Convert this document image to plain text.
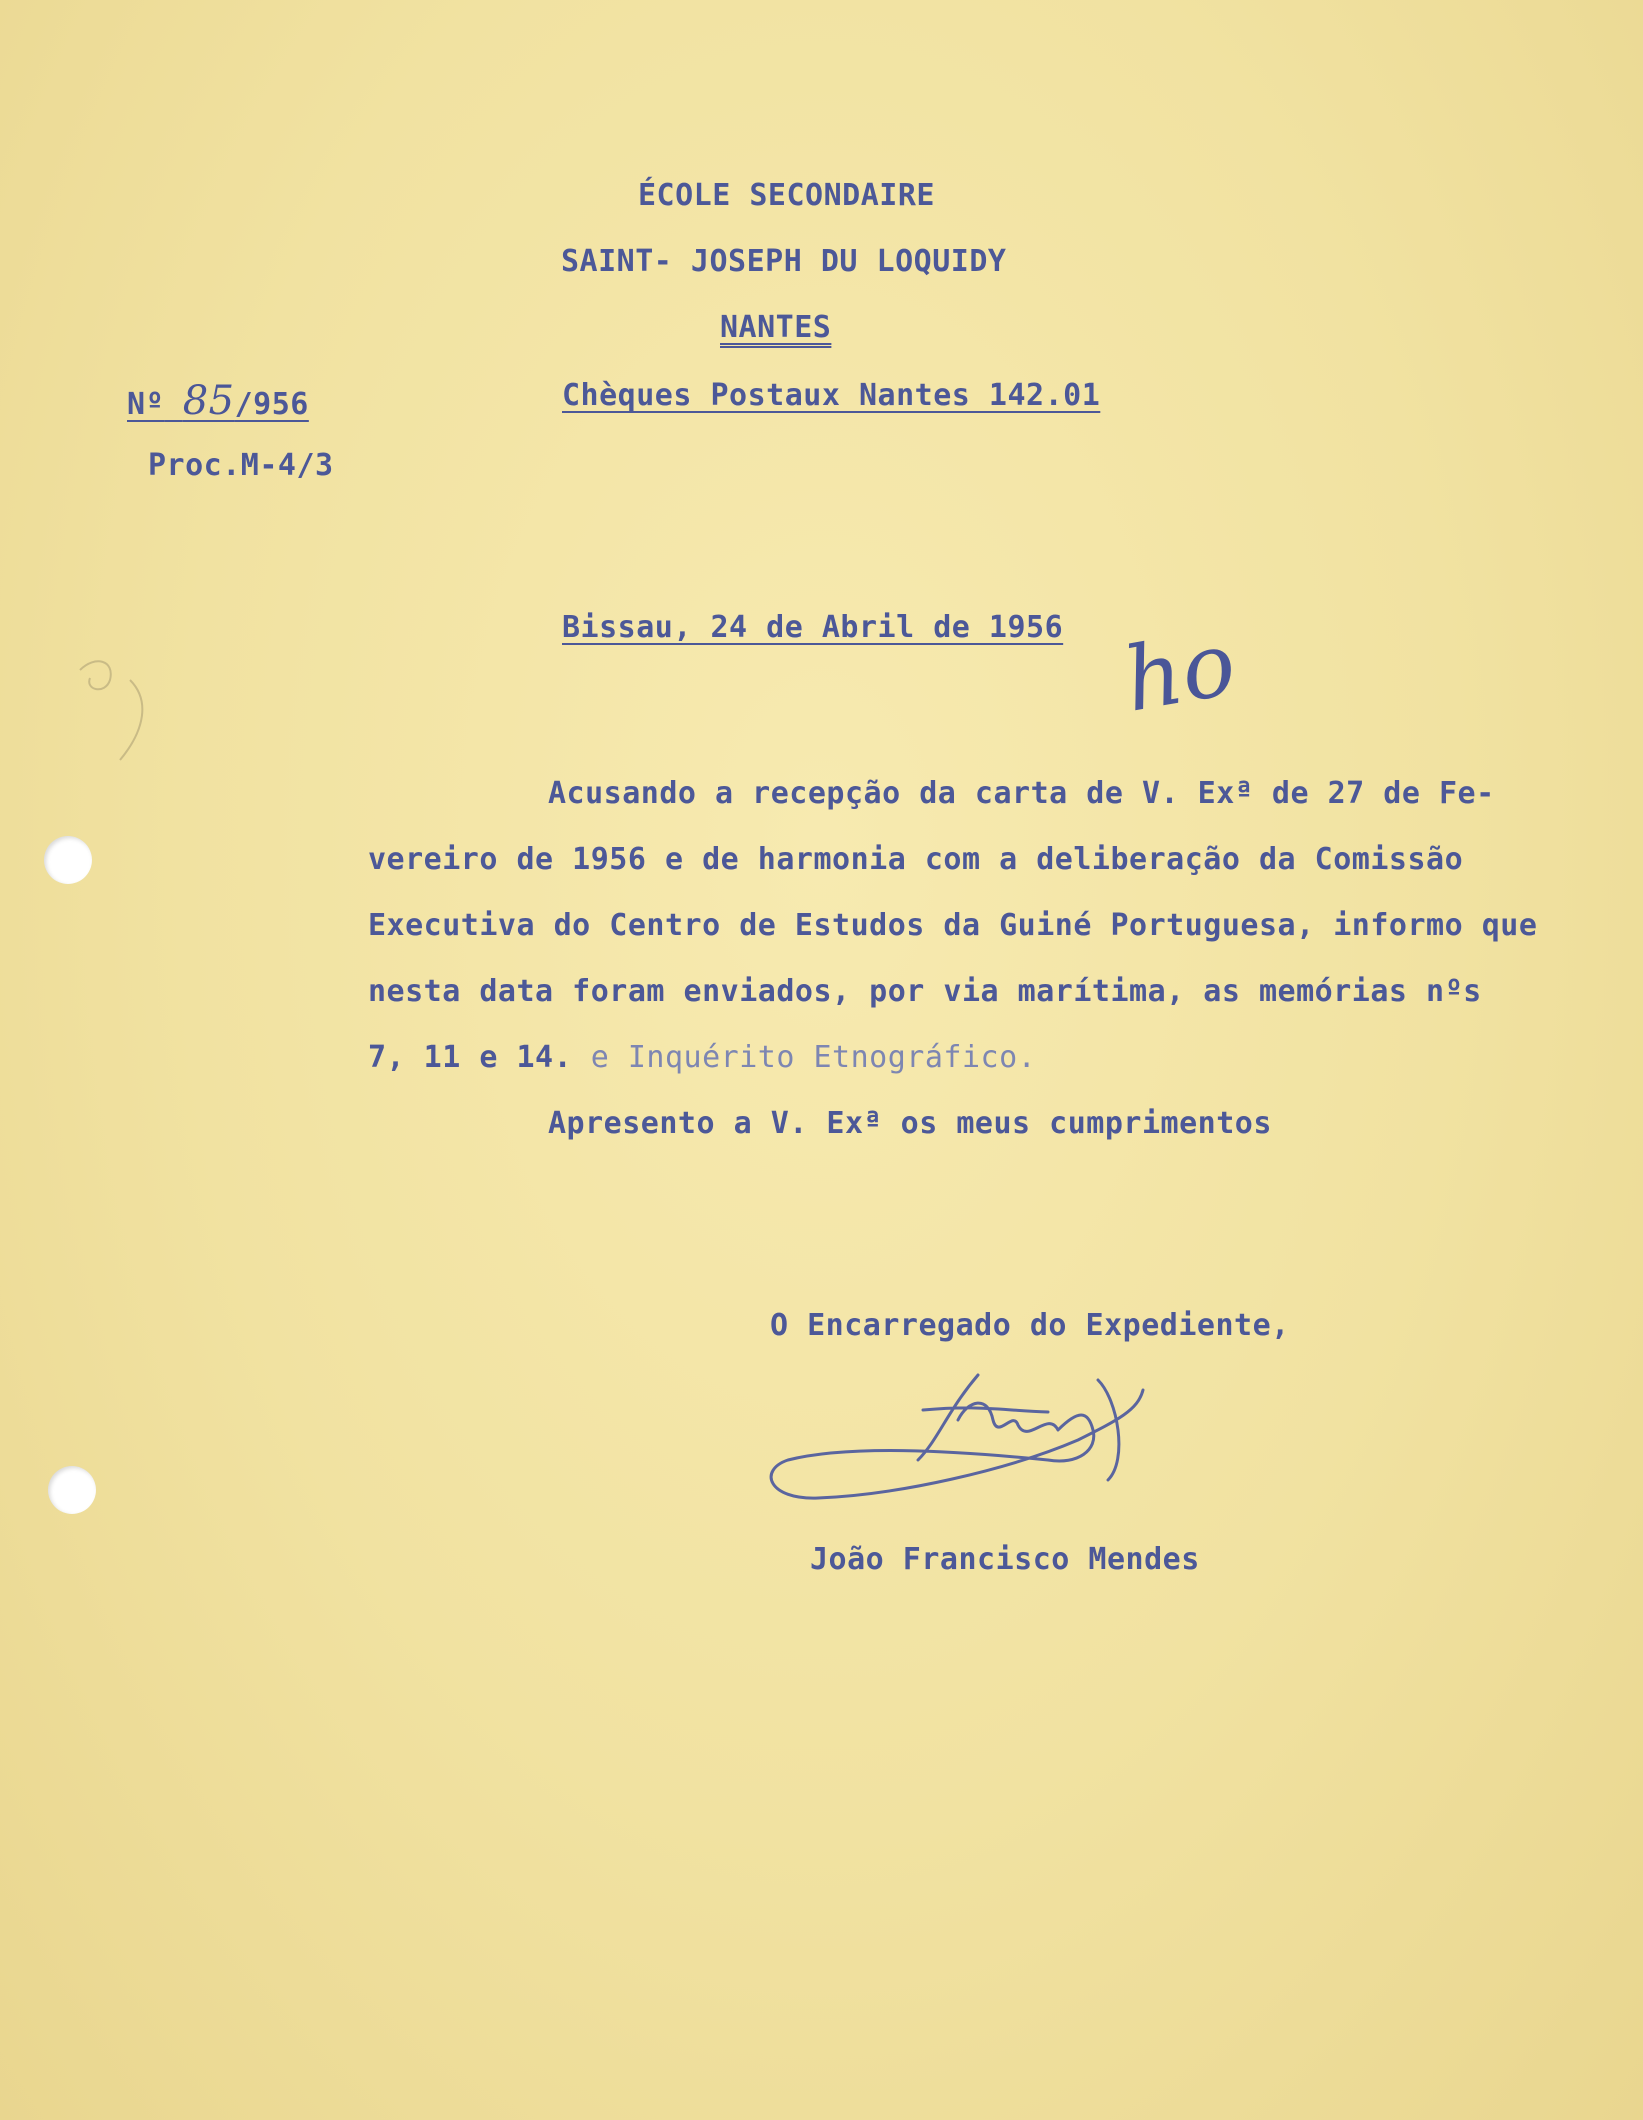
ÉCOLE SECONDAIRE
SAINT- JOSEPH DU LOQUIDY
NANTES
Chèques Postaux Nantes 142.01
Nº 85/956
Proc.M-4/3
Bissau, 24 de Abril de 1956 ho
Acusando a recepção da carta de V. Exª de 27 de Fe-
vereiro de 1956 e de harmonia com a deliberação da Comissão
Executiva do Centro de Estudos da Guiné Portuguesa, informo que
nesta data foram enviados, por via marítima, as memórias nºs
7, 11 e 14. e Inquérito Etnográfico.
Apresento a V. Exª os meus cumprimentos
O Encarregado do Expediente,
João Francisco Mendes
